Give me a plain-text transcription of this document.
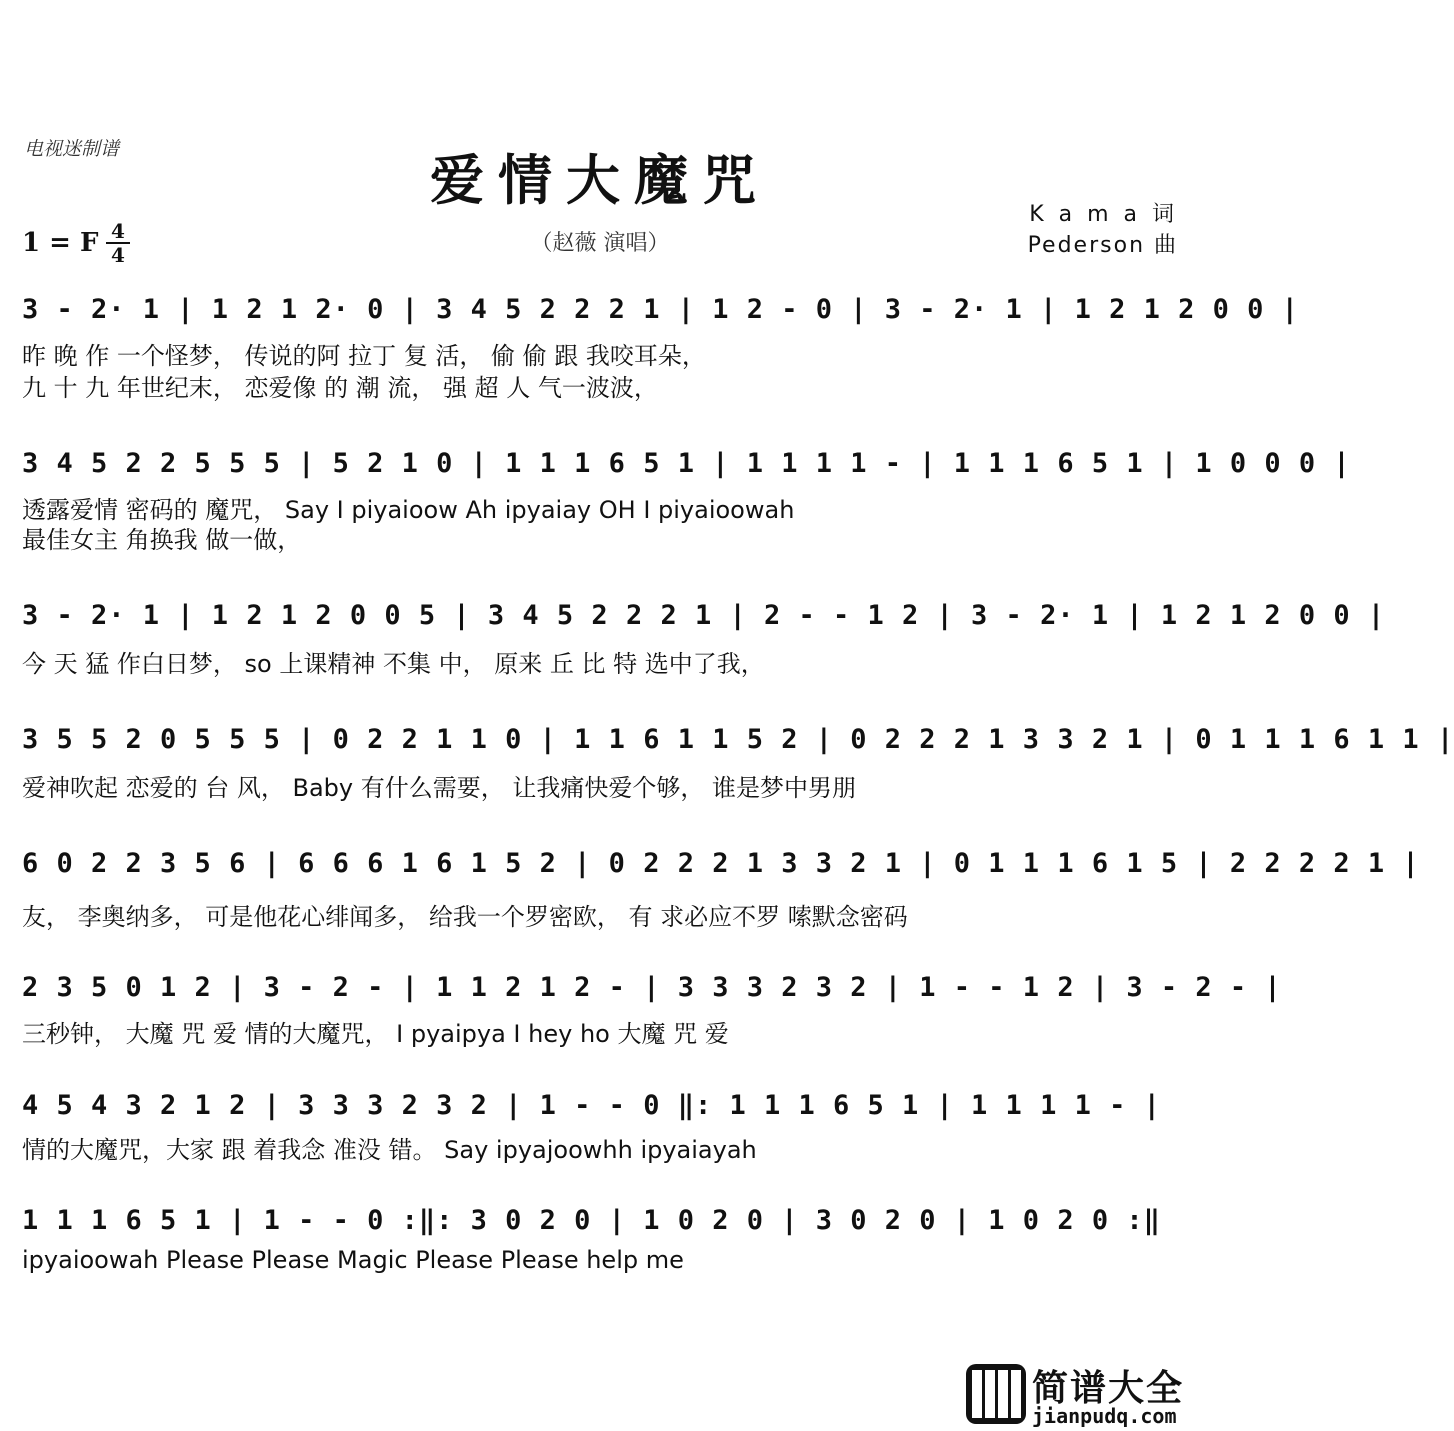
电视迷制谱	爱情大魔咒
（赵薇 演唱）
K a m a 词
Pederson 曲
1 = F 4
4
3 - 2· 1 | 1 2 1 2· 0 | 3 4 5 2 2 2 1 | 1 2 - 0 | 3 - 2· 1 | 1 2 1 2 0 0 |
昨 晚 作 一个怪梦， 传说的阿 拉丁 复 活， 偷 偷 跟 我咬耳朵，
九 十 九 年世纪末， 恋爱像 的 潮 流， 强 超 人 气一波波，
3 4 5 2 2 5 5 5 | 5 2 1 0 | 1 1 1 6 5 1 | 1 1 1 1 - | 1 1 1 6 5 1 | 1 0 0 0 |
透露爱情 密码的 魔咒， Say I piyaioow Ah ipyaiay OH I piyaioowah
最佳女主 角换我 做一做，
3 - 2· 1 | 1 2 1 2 0 0 5 | 3 4 5 2 2 2 1 | 2 - - 1 2 | 3 - 2· 1 | 1 2 1 2 0 0 |
今 天 猛 作白日梦， so 上课精神 不集 中， 原来 丘 比 特 选中了我，
3 5 5 2 0 5 5 5 | 0 2 2 1 1 0 | 1 1 6 1 1 5 2 | 0 2 2 2 1 3 3 2 1 | 0 1 1 1 6 1 1 |
爱神吹起 恋爱的 台 风， Baby 有什么需要， 让我痛快爱个够， 谁是梦中男朋
6 0 2 2 3 5 6 | 6 6 6 1 6 1 5 2 | 0 2 2 2 1 3 3 2 1 | 0 1 1 1 6 1 5 | 2 2 2 2 1 |
友， 李奥纳多， 可是他花心绯闻多， 给我一个罗密欧， 有 求必应不罗 嗦默念密码
2 3 5 0 1 2 | 3 - 2 - | 1 1 2 1 2 - | 3 3 3 2 3 2 | 1 - - 1 2 | 3 - 2 - |
三秒钟， 大魔 咒 爱 情的大魔咒， I pyaipya I hey ho 大魔 咒 爱
4 5 4 3 2 1 2 | 3 3 3 2 3 2 | 1 - - 0 ‖: 1 1 1 6 5 1 | 1 1 1 1 - |
情的大魔咒，大家 跟 着我念 准没 错。 Say ipyajoowhh ipyaiayah
1 1 1 6 5 1 | 1 - - 0 :‖: 3 0 2 0 | 1 0 2 0 | 3 0 2 0 | 1 0 2 0 :‖
ipyaioowah Please Please Magic Please Please help me
简谱大全
jianpudq.com
